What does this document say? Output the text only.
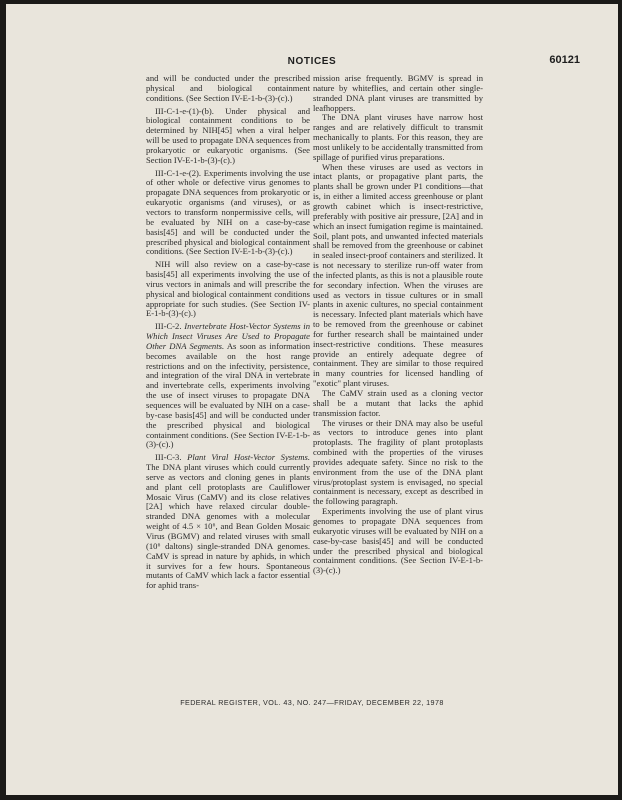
NOTICES	60121

and will be conducted under the prescribed physical and biological containment conditions. (See Section IV-E-1-b-(3)-(c).)

III-C-1-e-(1)-(b). Under physical and biological containment conditions to be determined by NIH[45] when a viral helper will be used to propagate DNA sequences from prokaryotic or eukaryotic organisms. (See Section IV-E-1-b-(3)-(c).)

III-C-1-e-(2). Experiments involving the use of other whole or defective virus genomes to propagate DNA sequences from prokaryotic or eukaryotic organisms (and viruses), or as vectors to transform nonpermissive cells, will be evaluated by NIH on a case-by-case basis[45] and will be conducted under the prescribed physical and biological containment conditions. (See Section IV-E-1-b-(3)-(c).)

NIH will also review on a case-by-case basis[45] all experiments involving the use of virus vectors in animals and will prescribe the physical and biological containment conditions appropriate for such studies. (See Section IV-E-1-b-(3)-(c).)

III-C-2. Invertebrate Host-Vector Systems in Which Insect Viruses Are Used to Propagate Other DNA Segments. As soon as information becomes available on the host range restrictions and on the infectivity, persistence, and integration of the viral DNA in vertebrate and invertebrate cells, experiments involving the use of insect viruses to propagate DNA sequences will be evaluated by NIH on a case-by-case basis[45] and will be conducted under the prescribed physical and biological containment conditions. (See Section IV-E-1-b-(3)-(c).)

III-C-3. Plant Viral Host-Vector Systems. The DNA plant viruses which could currently serve as vectors and cloning genes in plants and plant cell protoplasts are Cauliflower Mosaic Virus (CaMV) and its close relatives [2A] which have relaxed circular double-stranded DNA genomes with a molecular weight of 4.5 × 10⁶, and Bean Golden Mosaic Virus (BGMV) and related viruses with small (10⁶ daltons) single-stranded DNA genomes. CaMV is spread in nature by aphids, in which it survives for a few hours. Spontaneous mutants of CaMV which lack a factor essential for aphid trans-

mission arise frequently. BGMV is spread in nature by whiteflies, and certain other single-stranded DNA plant viruses are transmitted by leafhoppers.

The DNA plant viruses have narrow host ranges and are relatively difficult to transmit mechanically to plants. For this reason, they are most unlikely to be accidentally transmitted from spillage of purified virus preparations.

When these viruses are used as vectors in intact plants, or propagative plant parts, the plants shall be grown under P1 conditions—that is, in either a limited access greenhouse or plant growth cabinet which is insect-restrictive, preferably with positive air pressure, [2A] and in which an insect fumigation regime is maintained. Soil, plant pots, and unwanted infected materials shall be removed from the greenhouse or cabinet in sealed insect-proof containers and sterilized. It is not necessary to sterilize run-off water from the infected plants, as this is not a plausible route for secondary infection. When the viruses are used as vectors in tissue cultures or in small plants in axenic cultures, no special containment is necessary. Infected plant materials which have to be removed from the greenhouse or cabinet for further research shall be maintained under insect-restrictive conditions. These measures provide an entirely adequate degree of containment. They are similar to those required in many countries for licensed handling of "exotic" plant viruses.

The CaMV strain used as a cloning vector shall be a mutant that lacks the aphid transmission factor.

The viruses or their DNA may also be useful as vectors to introduce genes into plant protoplasts. The fragility of plant protoplasts combined with the properties of the viruses provides adequate safety. Since no risk to the environment from the use of the DNA plant virus/protoplast system is envisaged, no special containment is necessary, except as described in the following paragraph.

Experiments involving the use of plant virus genomes to propagate DNA sequences from eukaryotic viruses will be evaluated by NIH on a case-by-case basis[45] and will be conducted under the prescribed physical and biological containment conditions. (See Section IV-E-1-b-(3)-(c).)

FEDERAL REGISTER, VOL. 43, NO. 247—FRIDAY, DECEMBER 22, 1978
